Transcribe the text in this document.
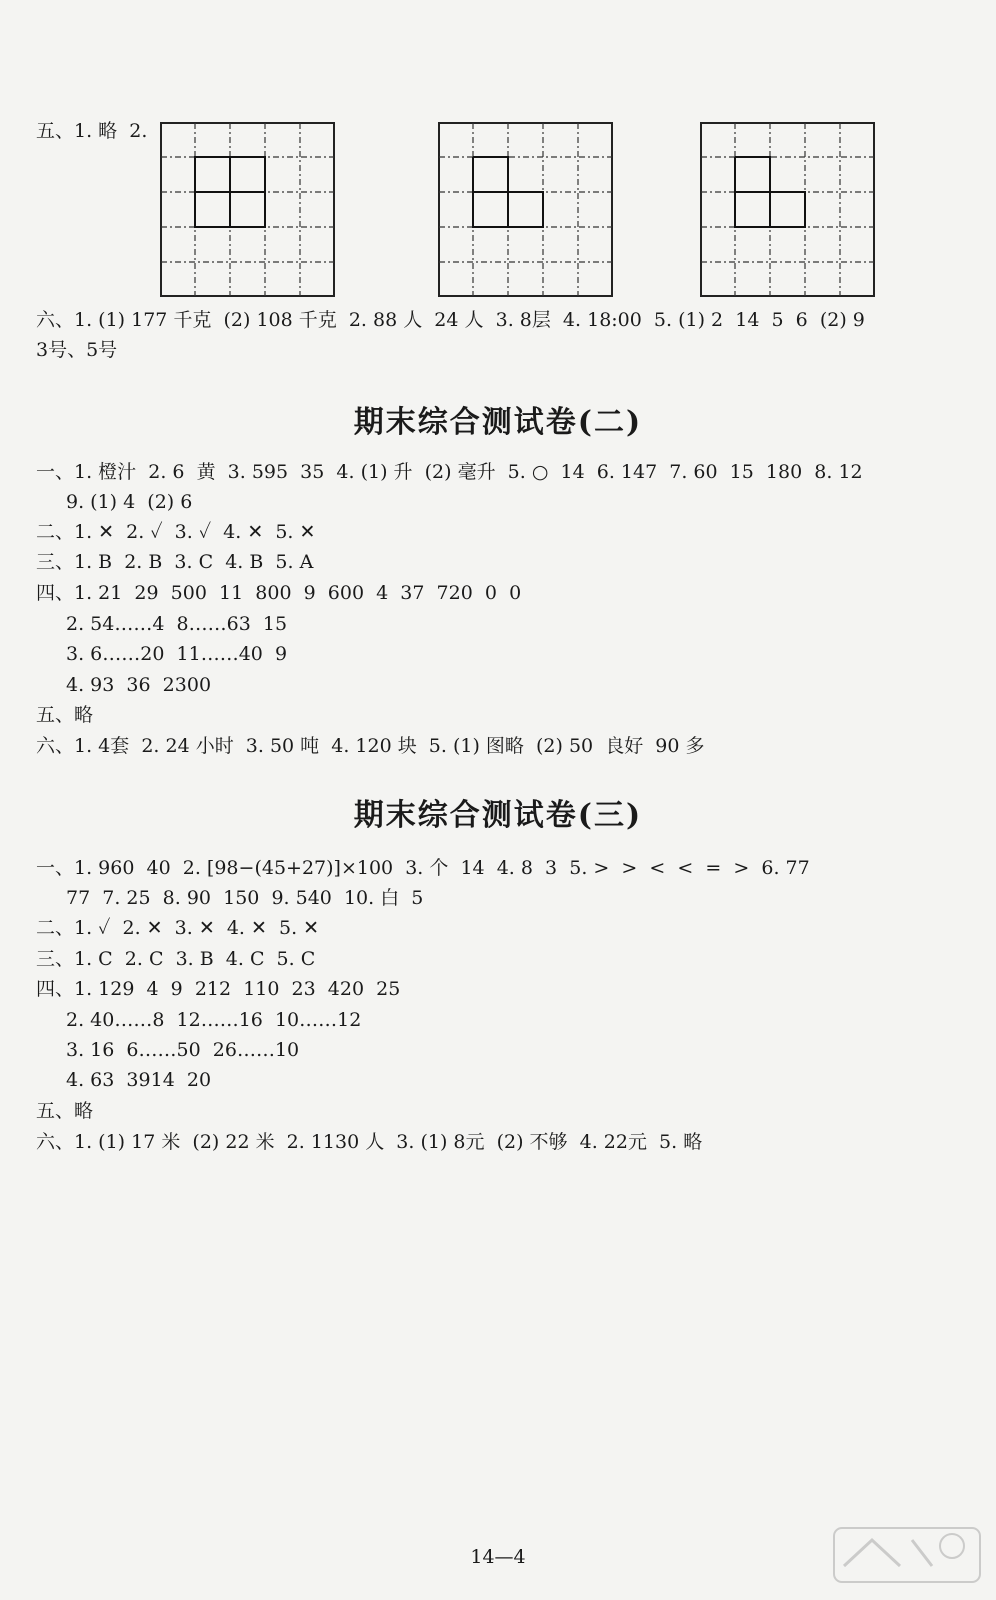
五、1. 略  2.
六、1. (1) 177 千克  (2) 108 千克  2. 88 人  24 人  3. 8层  4. 18:00  5. (1) 2  14  5  6  (2) 9
3号、5号
期末综合测试卷(二)
一、1. 橙汁  2. 6  黄  3. 595  35  4. (1) 升  (2) 毫升  5. ○  14  6. 147  7. 60  15  180  8. 12
9. (1) 4  (2) 6
二、1. ✕  2. ✓  3. ✓  4. ✕  5. ✕
三、1. B  2. B  3. C  4. B  5. A
四、1. 21  29  500  11  800  9  600  4  37  720  0  0
2. 54……4  8……63  15
3. 6……20  11……40  9
4. 93  36  2300
五、略
六、1. 4套  2. 24 小时  3. 50 吨  4. 120 块  5. (1) 图略  (2) 50  良好  90 多
期末综合测试卷(三)
一、1. 960  40  2. [98−(45+27)]×100  3. 个  14  4. 8  3  5. >  >  <  <  =  >  6. 77
77  7. 25  8. 90  150  9. 540  10. 白  5
二、1. ✓  2. ✕  3. ✕  4. ✕  5. ✕
三、1. C  2. C  3. B  4. C  5. C
四、1. 129  4  9  212  110  23  420  25
2. 40……8  12……16  10……12
3. 16  6……50  26……10
4. 63  3914  20
五、略
六、1. (1) 17 米  (2) 22 米  2. 1130 人  3. (1) 8元  (2) 不够  4. 22元  5. 略
14—4
